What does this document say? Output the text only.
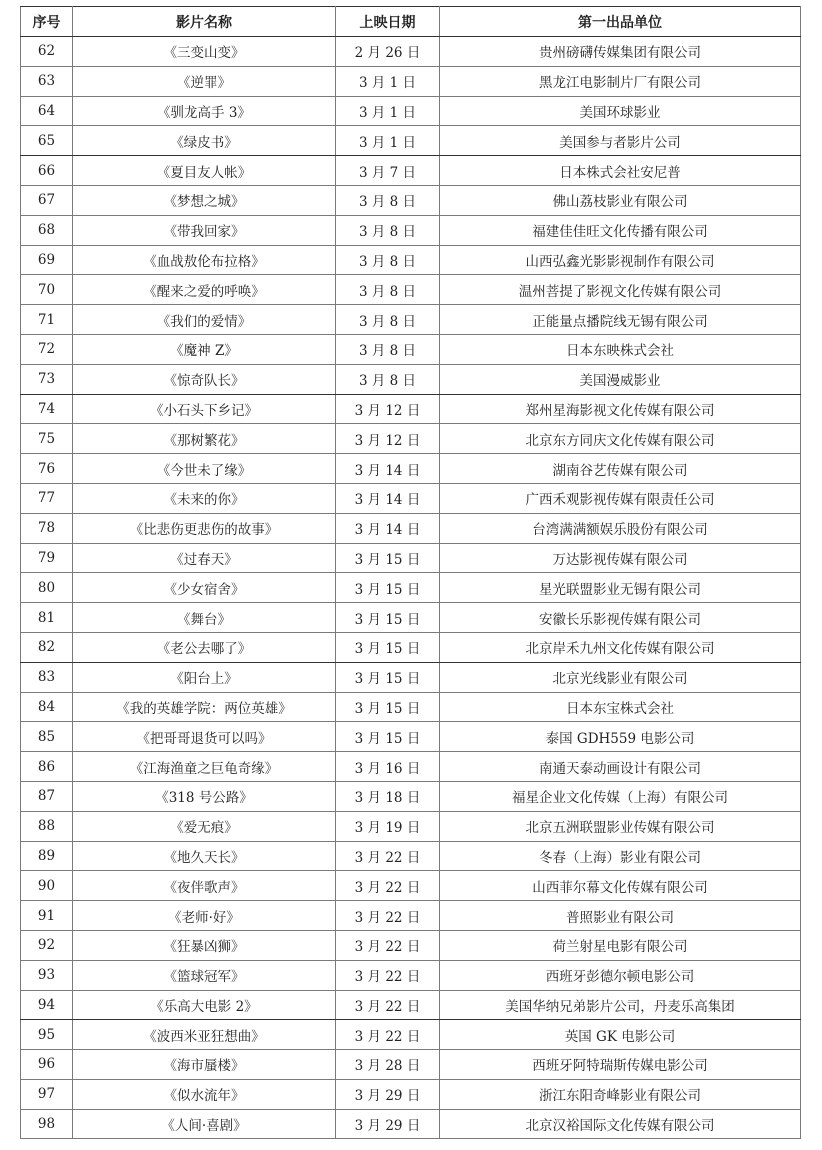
序号	影片名称	上映日期	第一出品单位
62	《三变山变》	2 月 26 日	贵州磅礴传媒集团有限公司
63	《逆罪》	3 月 1 日	黑龙江电影制片厂有限公司
64	《驯龙高手 3》	3 月 1 日	美国环球影业
65	《绿皮书》	3 月 1 日	美国参与者影片公司
66	《夏目友人帐》	3 月 7 日	日本株式会社安尼普
67	《梦想之城》	3 月 8 日	佛山荔枝影业有限公司
68	《带我回家》	3 月 8 日	福建佳佳旺文化传播有限公司
69	《血战敖伦布拉格》	3 月 8 日	山西弘鑫光影影视制作有限公司
70	《醒来之爱的呼唤》	3 月 8 日	温州菩提了影视文化传媒有限公司
71	《我们的爱情》	3 月 8 日	正能量点播院线无锡有限公司
72	《魔神 Z》	3 月 8 日	日本东映株式会社
73	《惊奇队长》	3 月 8 日	美国漫威影业
74	《小石头下乡记》	3 月 12 日	郑州星海影视文化传媒有限公司
75	《那树繁花》	3 月 12 日	北京东方同庆文化传媒有限公司
76	《今世未了缘》	3 月 14 日	湖南谷艺传媒有限公司
77	《未来的你》	3 月 14 日	广西禾观影视传媒有限责任公司
78	《比悲伤更悲伤的故事》	3 月 14 日	台湾满满额娱乐股份有限公司
79	《过春天》	3 月 15 日	万达影视传媒有限公司
80	《少女宿舍》	3 月 15 日	星光联盟影业无锡有限公司
81	《舞台》	3 月 15 日	安徽长乐影视传媒有限公司
82	《老公去哪了》	3 月 15 日	北京岸禾九州文化传媒有限公司
83	《阳台上》	3 月 15 日	北京光线影业有限公司
84	《我的英雄学院：两位英雄》	3 月 15 日	日本东宝株式会社
85	《把哥哥退货可以吗》	3 月 15 日	泰国 GDH559 电影公司
86	《江海渔童之巨龟奇缘》	3 月 16 日	南通天泰动画设计有限公司
87	《318 号公路》	3 月 18 日	福星企业文化传媒（上海）有限公司
88	《爱无痕》	3 月 19 日	北京五洲联盟影业传媒有限公司
89	《地久天长》	3 月 22 日	冬春（上海）影业有限公司
90	《夜伴歌声》	3 月 22 日	山西菲尔幕文化传媒有限公司
91	《老师·好》	3 月 22 日	普照影业有限公司
92	《狂暴凶狮》	3 月 22 日	荷兰射星电影有限公司
93	《篮球冠军》	3 月 22 日	西班牙彭德尔顿电影公司
94	《乐高大电影 2》	3 月 22 日	美国华纳兄弟影片公司，丹麦乐高集团
95	《波西米亚狂想曲》	3 月 22 日	英国 GK 电影公司
96	《海市蜃楼》	3 月 28 日	西班牙阿特瑞斯传媒电影公司
97	《似水流年》	3 月 29 日	浙江东阳奇峰影业有限公司
98	《人间·喜剧》	3 月 29 日	北京汉裕国际文化传媒有限公司
